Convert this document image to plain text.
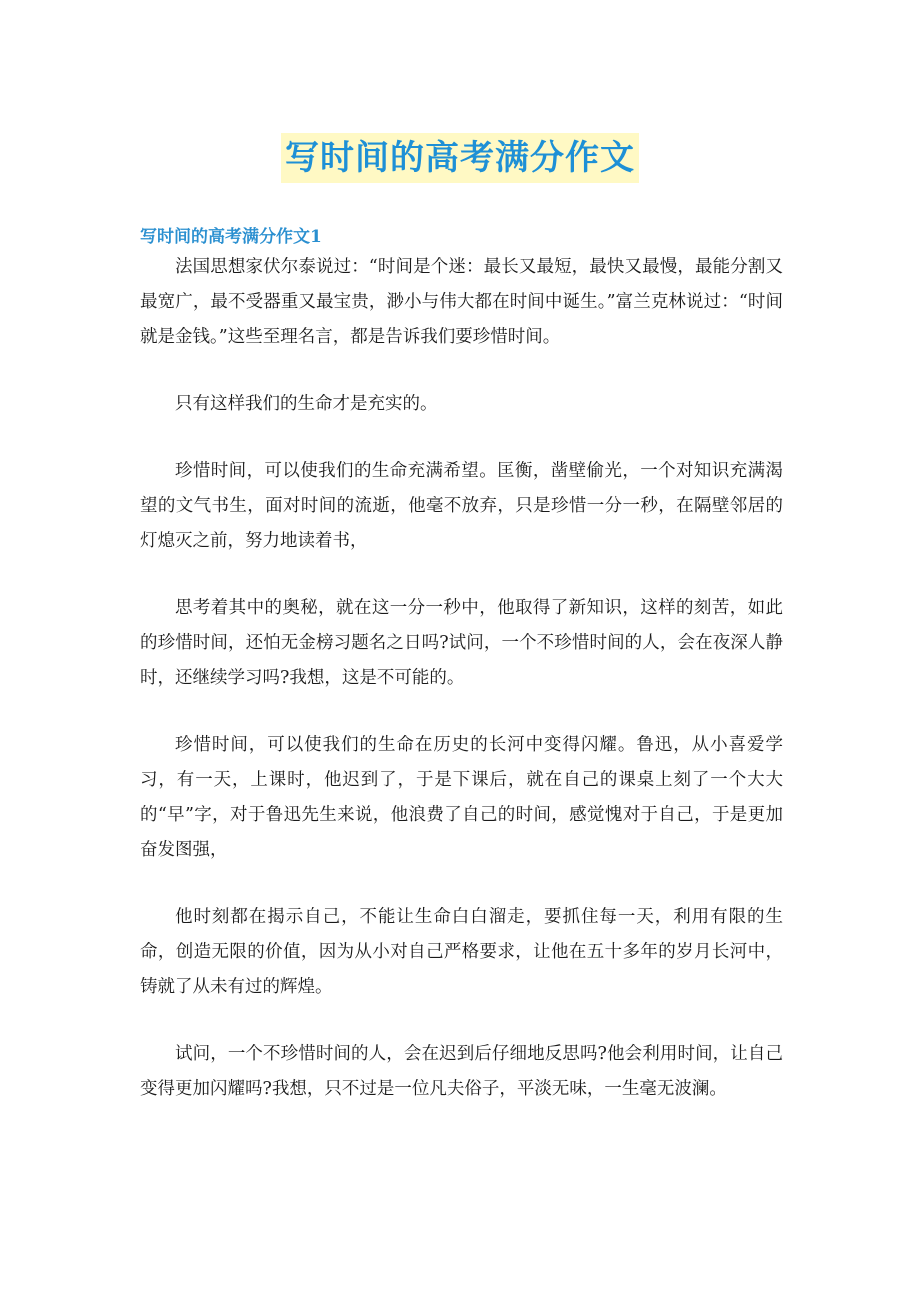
写时间的高考满分作文
写时间的高考满分作文1

法国思想家伏尔泰说过：“时间是个迷：最长又最短，最快又最慢，最能分割又最宽广，最不受器重又最宝贵，渺小与伟大都在时间中诞生。”富兰克林说过：“时间就是金钱。”这些至理名言，都是告诉我们要珍惜时间。

只有这样我们的生命才是充实的。

珍惜时间，可以使我们的生命充满希望。匡衡，凿壁偷光，一个对知识充满渴望的文气书生，面对时间的流逝，他毫不放弃，只是珍惜一分一秒，在隔壁邻居的灯熄灭之前，努力地读着书，

思考着其中的奥秘，就在这一分一秒中，他取得了新知识，这样的刻苦，如此的珍惜时间，还怕无金榜习题名之日吗?试问，一个不珍惜时间的人，会在夜深人静时，还继续学习吗?我想，这是不可能的。

珍惜时间，可以使我们的生命在历史的长河中变得闪耀。鲁迅，从小喜爱学习，有一天，上课时，他迟到了，于是下课后，就在自己的课桌上刻了一个大大的“早”字，对于鲁迅先生来说，他浪费了自己的时间，感觉愧对于自己，于是更加奋发图强，

他时刻都在揭示自己，不能让生命白白溜走，要抓住每一天，利用有限的生命，创造无限的价值，因为从小对自己严格要求，让他在五十多年的岁月长河中，铸就了从未有过的辉煌。

试问，一个不珍惜时间的人，会在迟到后仔细地反思吗?他会利用时间，让自己变得更加闪耀吗?我想，只不过是一位凡夫俗子，平淡无味，一生毫无波澜。
